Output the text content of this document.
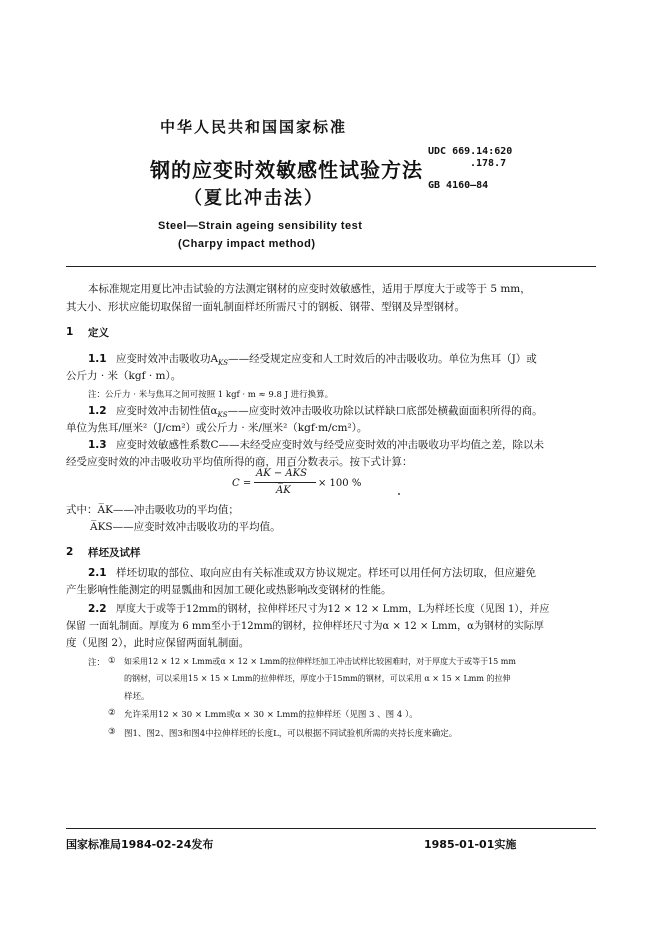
中华人民共和国国家标准
钢的应变时效敏感性试验方法
（夏比冲击法）
UDC 669.14:620
.178.7
GB 4160—84
Steel—Strain ageing sensibility test
(Charpy impact method)
本标准规定用夏比冲击试验的方法测定钢材的应变时效敏感性，适用于厚度大于或等于 5 mm，
其大小、形状应能切取保留一面轧制面样坯所需尺寸的钢板、钢带、型钢及异型钢材。
1 定义
1.1 应变时效冲击吸收功$A_{KS}——$经受规定应变和人工时效后的冲击吸收功。单位为焦耳（J）或
公斤力 · 米（kgf · m）。
注：公斤力 · 米与焦耳之间可按照 1 kgf · m ≈ 9.8 J 进行换算。
1.2 应变时效冲击韧性值$\alpha_{KS}——$应变时效冲击吸收功除以试样缺口底部处横截面面积所得的商。
单位为焦耳/厘米²（J/cm²）或公斤力 · 米/厘米²（kgf·m/cm²）。
1.3 应变时效敏感性系数C——未经受应变时效与经受应变时效的冲击吸收功平均值之差，除以未
经受应变时效的冲击吸收功平均值所得的商，用百分数表示。按下式计算：
C =
A̅K − A̅KS
A̅K
× 100 %
式中：A̅K——冲击吸收功的平均值；
A̅KS——应变时效冲击吸收功的平均值。
2 样坯及试样
2.1 样坯切取的部位、取向应由有关标准或双方协议规定。样坯可以用任何方法切取，但应避免
产生影响性能测定的明显瓢曲和因加工硬化或热影响改变钢材的性能。
2.2 厚度大于或等于12mm的钢材，拉伸样坯尺寸为12 × 12 × Lmm，L为样坯长度（见图 1），并应
保留 一面轧制面。厚度为 6 mm至小于12mm的钢材，拉伸样坯尺寸为α × 12 × Lmm，α为钢材的实际厚
度（见图 2），此时应保留两面轧制面。
注： ① 如采用12 × 12 × Lmm或α × 12 × Lmm的拉伸样坯加工冲击试样比较困难时，对于厚度大于或等于15 mm
的钢材，可以采用15 × 15 × Lmm的拉伸样坯，厚度小于15mm的钢材，可以采用 α × 15 × Lmm 的拉伸
样坯。
② 允许采用12 × 30 × Lmm或α × 30 × Lmm的拉伸样坯（见图 3 、图 4 ）。
③ 图1、图2、图3和图4中拉伸样坯的长度L，可以根据不同试验机所需的夹持长度来确定。
国家标准局1984-02-24发布	1985-01-01实施
